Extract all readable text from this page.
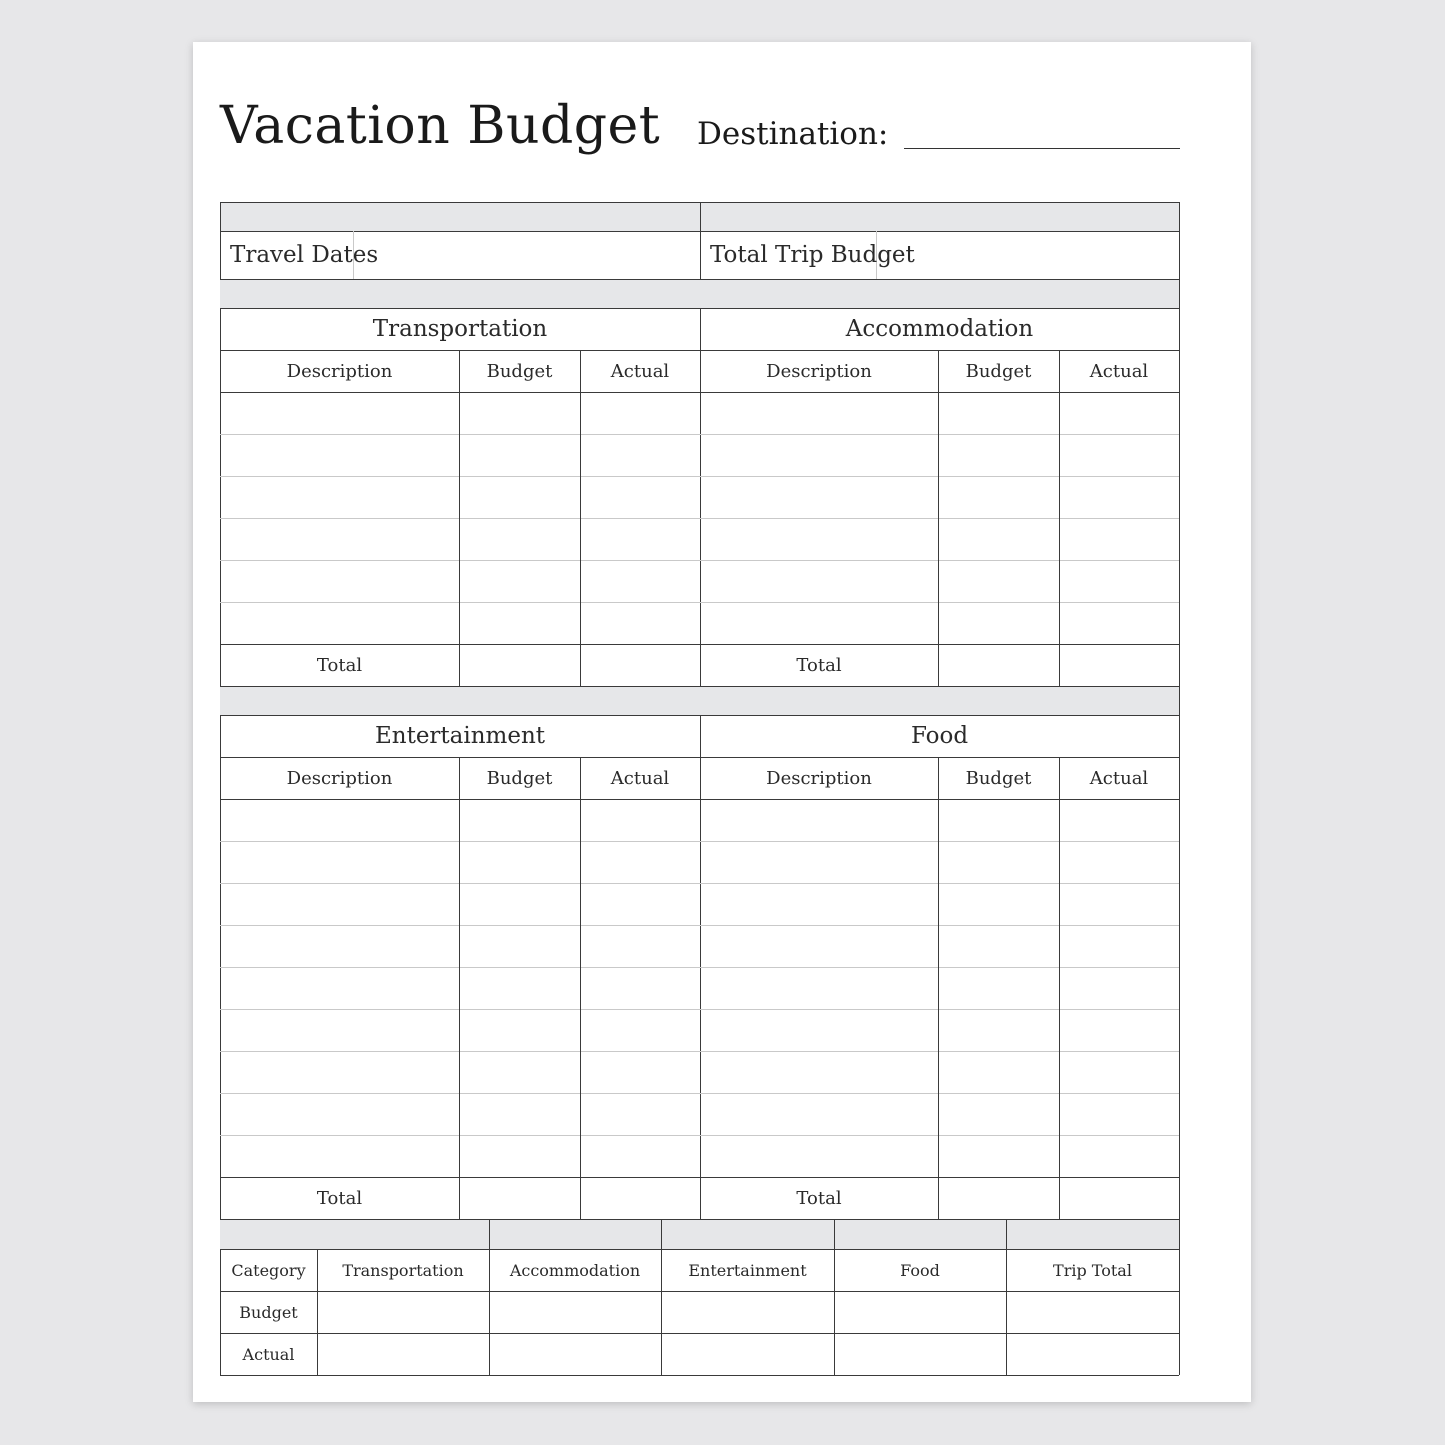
Vacation Budget Destination:
Travel Dates	Total Trip Budget
Transportation
Description	Budget	Actual
Total
Accommodation
Description	Budget	Actual
Total
Entertainment
Description	Budget	Actual
Total
Food
Description	Budget	Actual
Total
Category	Transportation	Accommodation	Entertainment	Food	Trip Total
Budget
Actual
